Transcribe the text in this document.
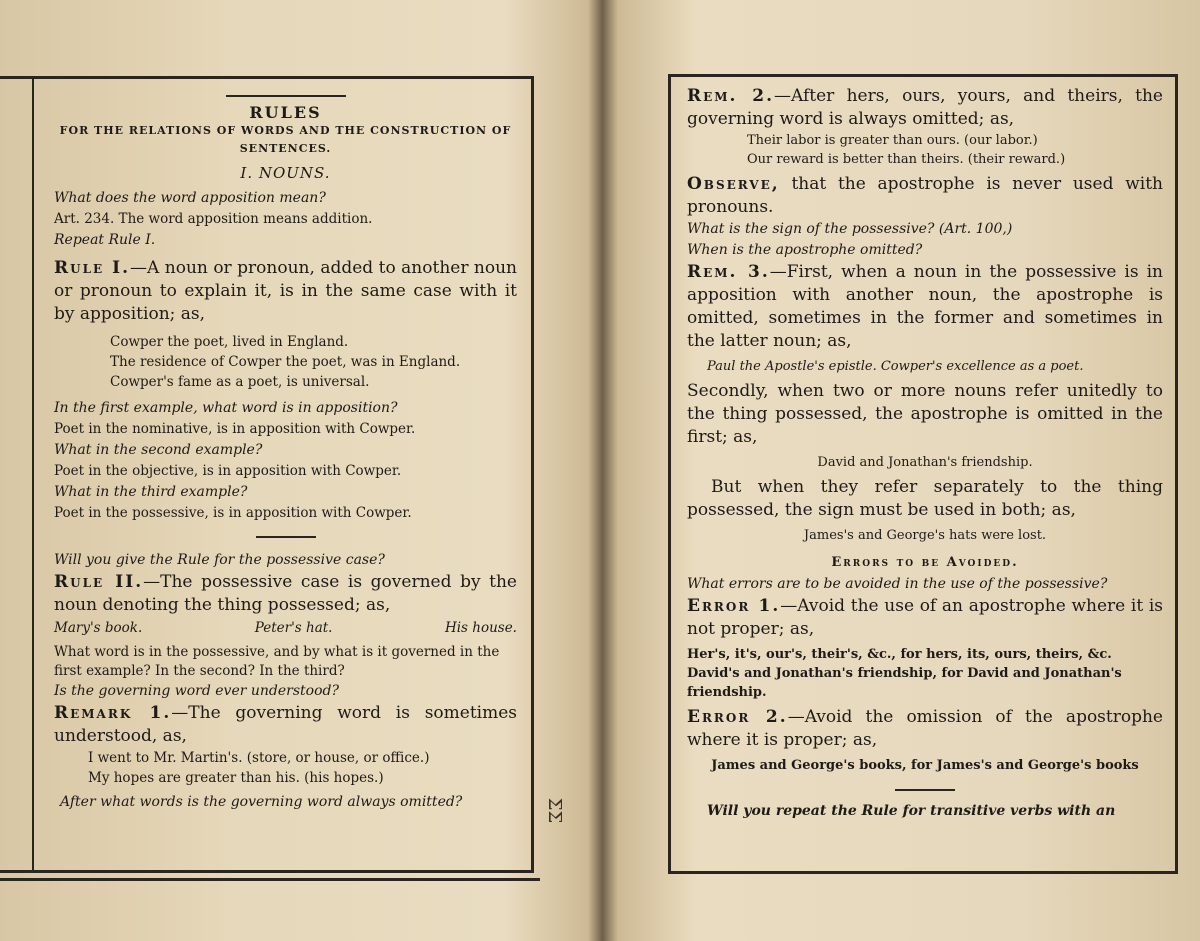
RULES
FOR THE RELATIONS OF WORDS AND THE CONSTRUCTION OF SENTENCES.
I. NOUNS.
What does the word apposition mean?
Art. 234. The word apposition means addition.
Repeat Rule I.
Rule I.—A noun or pronoun, added to another noun or pronoun to explain it, is in the same case with it by apposition; as,
Cowper the poet, lived in England.
The residence of Cowper the poet, was in England.
Cowper's fame as a poet, is universal.
In the first example, what word is in apposition?
Poet in the nominative, is in apposition with Cowper.
What in the second example?
Poet in the objective, is in apposition with Cowper.
What in the third example?
Poet in the possessive, is in apposition with Cowper.
Will you give the Rule for the possessive case?
Rule II.—The possessive case is governed by the noun denoting the thing possessed; as,
Mary's book.	Peter's hat.	His house.
What word is in the possessive, and by what is it governed in the first example? In the second? In the third?
Is the governing word ever understood?
Remark 1.—The governing word is sometimes understood, as,
I went to Mr. Martin's. (store, or house, or office.)
My hopes are greater than his. (his hopes.)
After what words is the governing word always omitted?	ΣΣ
Rem. 2.—After hers, ours, yours, and theirs, the governing word is always omitted; as,
Their labor is greater than ours. (our labor.)
Our reward is better than theirs. (their reward.)
Observe, that the apostrophe is never used with pronouns.
What is the sign of the possessive? (Art. 100,)
When is the apostrophe omitted?
Rem. 3.—First, when a noun in the possessive is in apposition with another noun, the apostrophe is omitted, sometimes in the former and sometimes in the latter noun; as,
Paul the Apostle's epistle. Cowper's excellence as a poet.
Secondly, when two or more nouns refer unitedly to the thing possessed, the apostrophe is omitted in the first; as,
David and Jonathan's friendship.
But when they refer separately to the thing possessed, the sign must be used in both; as,
James's and George's hats were lost.
Errors to be Avoided.
What errors are to be avoided in the use of the possessive?
Error 1.—Avoid the use of an apostrophe where it is not proper; as,
Her's, it's, our's, their's, &c., for hers, its, ours, theirs, &c. David's and Jonathan's friendship, for David and Jonathan's friendship.
Error 2.—Avoid the omission of the apostrophe where it is proper; as,
James and George's books, for James's and George's books
Will you repeat the Rule for transitive verbs with an
